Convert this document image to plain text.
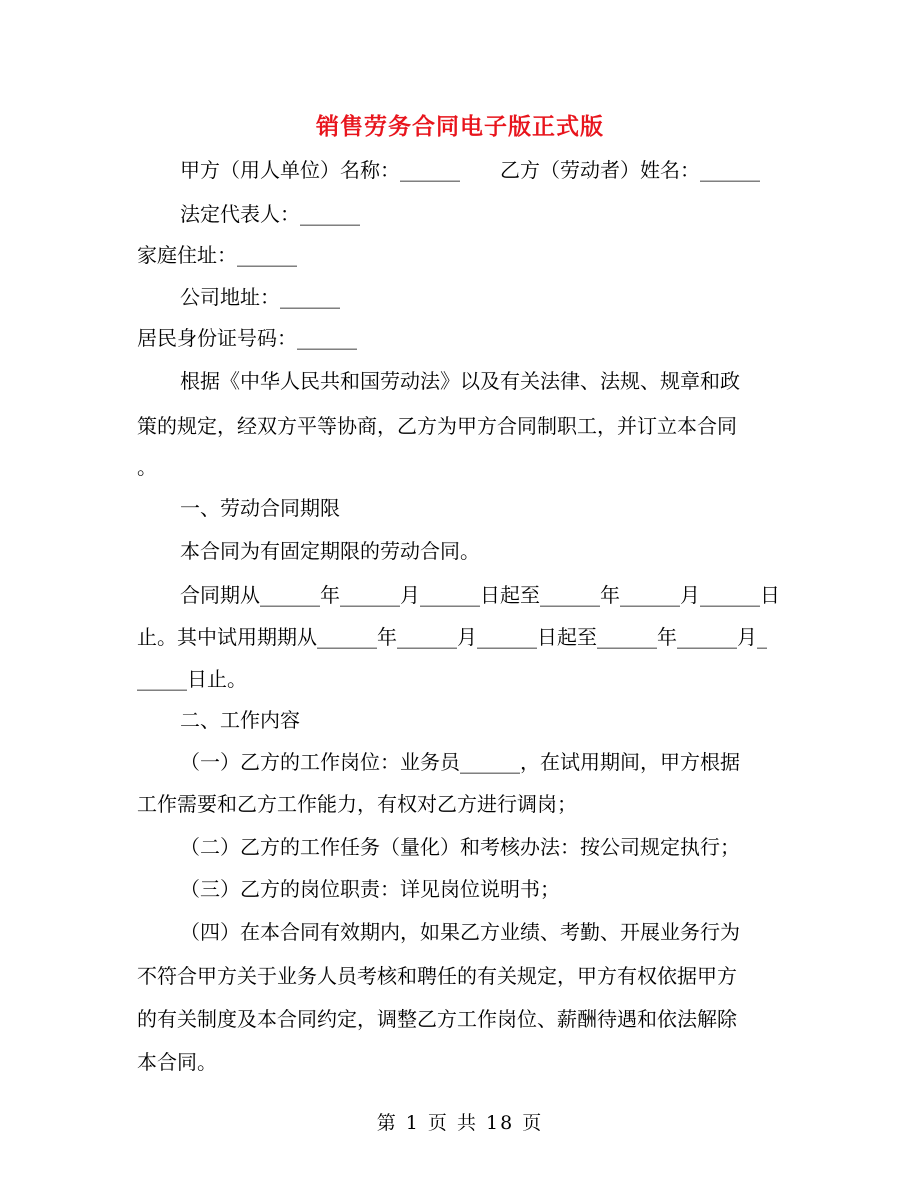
销售劳务合同电子版正式版
甲方（用人单位）名称：______　　乙方（劳动者）姓名：______
法定代表人：______
家庭住址：______
公司地址：______
居民身份证号码：______
根据《中华人民共和国劳动法》以及有关法律、法规、规章和政
策的规定，经双方平等协商，乙方为甲方合同制职工，并订立本合同
。
一、劳动合同期限
本合同为有固定期限的劳动合同。
合同期从______年______月______日起至______年______月______日
止。其中试用期期从______年______月______日起至______年______月_
_____日止。
二、工作内容
（一）乙方的工作岗位：业务员______，在试用期间，甲方根据
工作需要和乙方工作能力，有权对乙方进行调岗；
（二）乙方的工作任务（量化）和考核办法：按公司规定执行；
（三）乙方的岗位职责：详见岗位说明书；
（四）在本合同有效期内，如果乙方业绩、考勤、开展业务行为
不符合甲方关于业务人员考核和聘任的有关规定，甲方有权依据甲方
的有关制度及本合同约定，调整乙方工作岗位、薪酬待遇和依法解除
本合同。
第 1 页 共 18 页
